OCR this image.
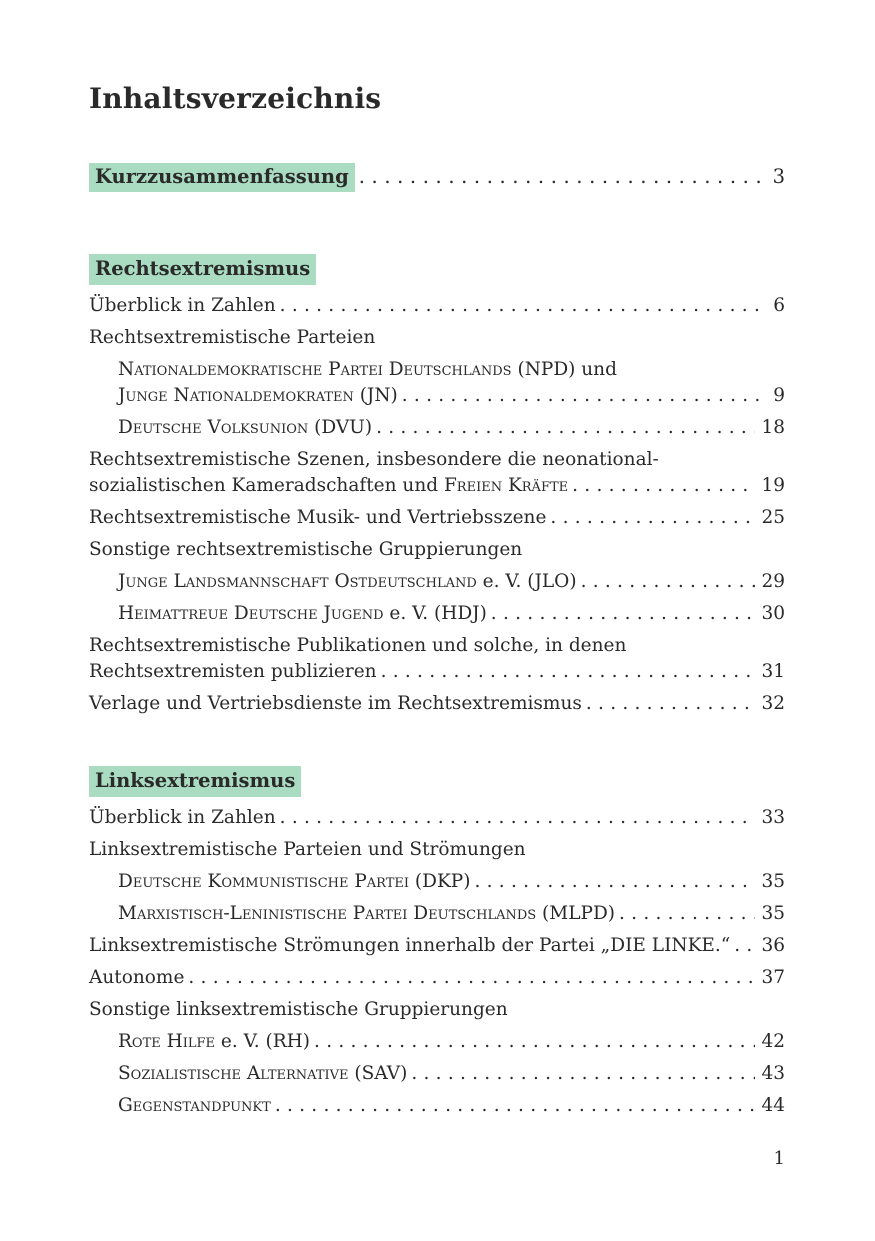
Inhaltsverzeichnis
Kurzzusammenfassung . . .	3
Rechtsextremismus
Überblick in Zahlen . . .	6
Rechtsextremistische Parteien
Nationaldemokratische Partei Deutschlands (NPD) und
Junge Nationaldemokraten (JN) . . .	9
Deutsche Volksunion (DVU) . . .	18
Rechtsextremistische Szenen, insbesondere die neonational-
sozialistischen Kameradschaften und Freien Kräfte . . .	19
Rechtsextremistische Musik- und Vertriebsszene . . .	25
Sonstige rechtsextremistische Gruppierungen
Junge Landsmannschaft Ostdeutschland e. V. (JLO) . . .	29
Heimattreue Deutsche Jugend e. V. (HDJ) . . .	30
Rechtsextremistische Publikationen und solche, in denen
Rechtsextremisten publizieren . . .	31
Verlage und Vertriebsdienste im Rechtsextremismus . . .	32
Linksextremismus
Überblick in Zahlen . . .	33
Linksextremistische Parteien und Strömungen
Deutsche Kommunistische Partei (DKP) . . .	35
Marxistisch-Leninistische Partei Deutschlands (MLPD) . . .	35
Linksextremistische Strömungen innerhalb der Partei „DIE LINKE.“ . . . 36
Autonome . . .	37
Sonstige linksextremistische Gruppierungen
Rote Hilfe e. V. (RH) . . .	42
Sozialistische Alternative (SAV) . . .	43
Gegenstandpunkt . . .	44
1
